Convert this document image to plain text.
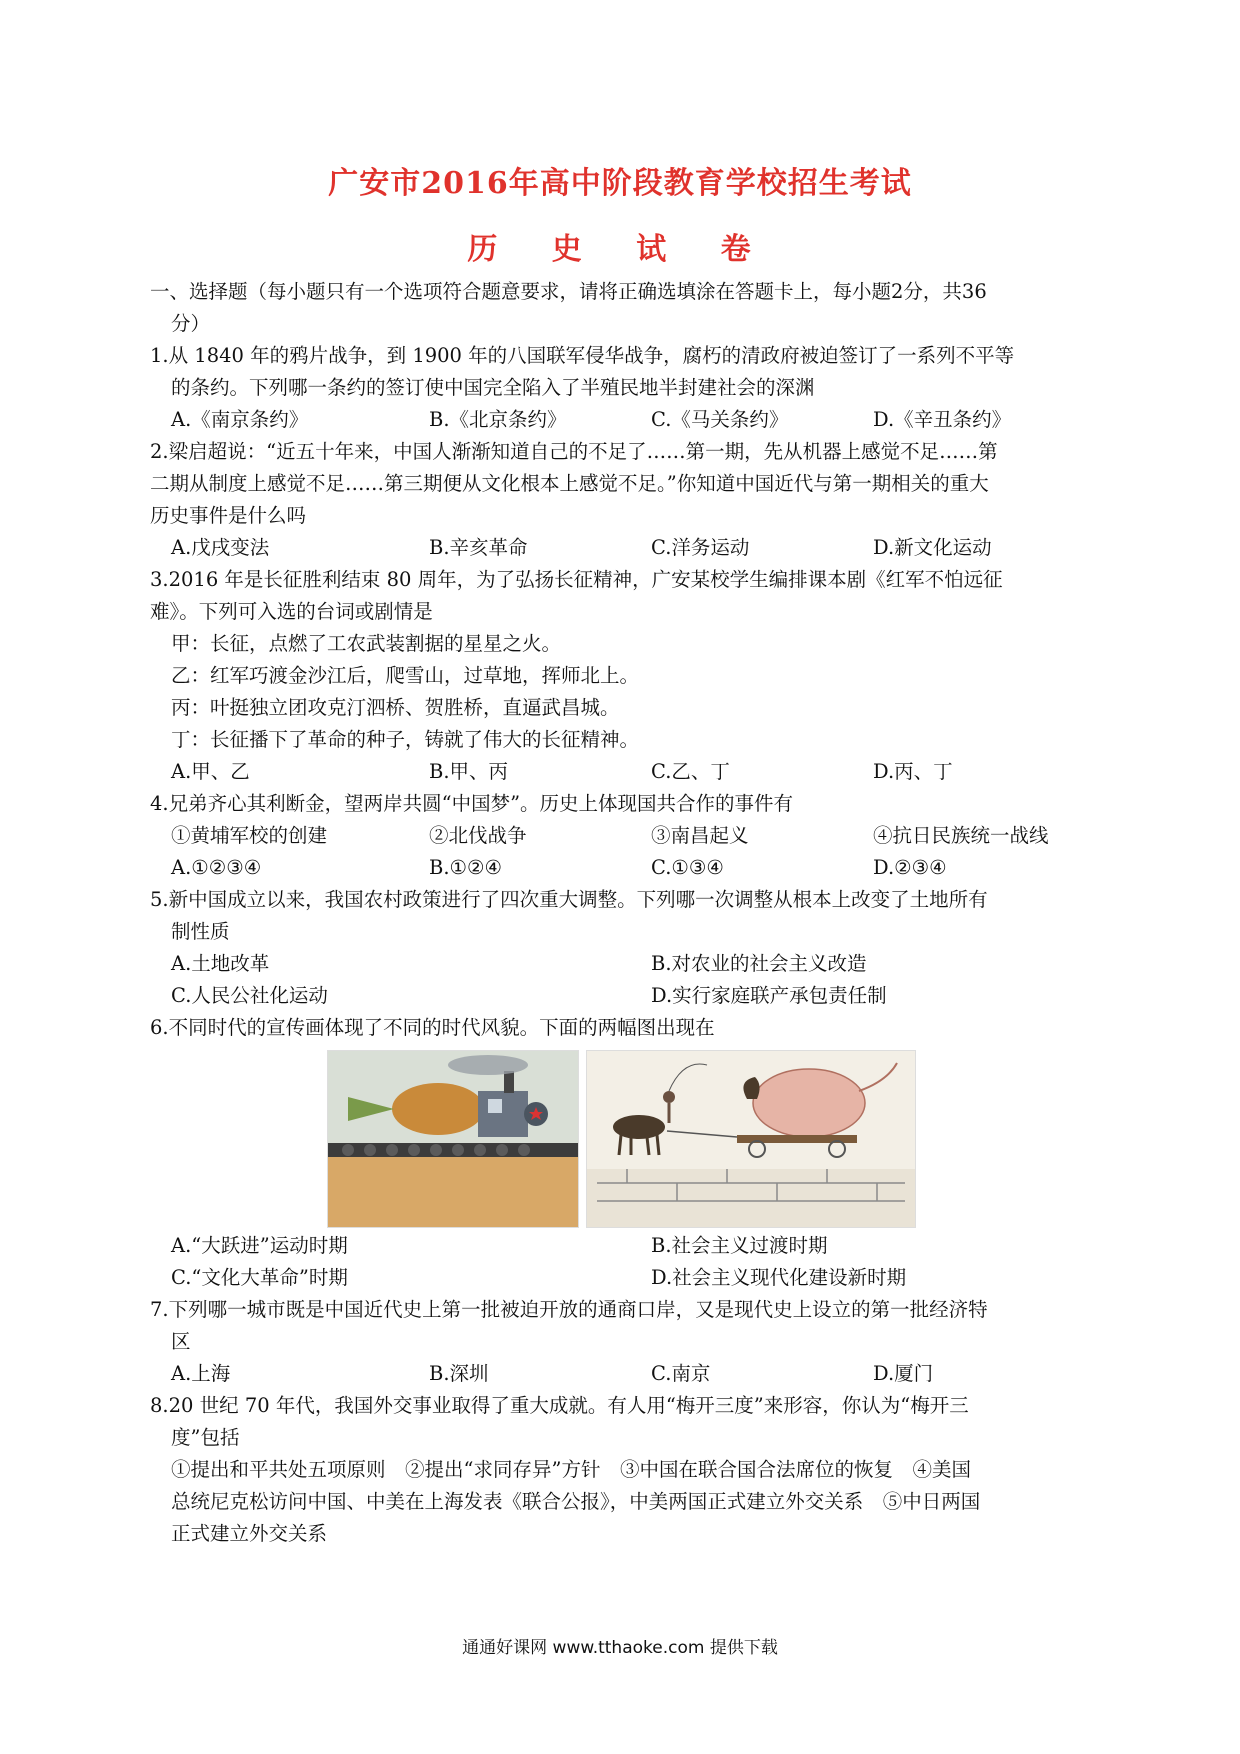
广安市2016年高中阶段教育学校招生考试
历 史 试 卷
一、选择题（每小题只有一个选项符合题意要求，请将正确选填涂在答题卡上，每小题2分，共36
分）
1.从 1840 年的鸦片战争，到 1900 年的八国联军侵华战争，腐朽的清政府被迫签订了一系列不平等
的条约。下列哪一条约的签订使中国完全陷入了半殖民地半封建社会的深渊
A.《南京条约》	B.《北京条约》	C.《马关条约》	D.《辛丑条约》
2.梁启超说：“近五十年来，中国人渐渐知道自己的不足了……第一期，先从机器上感觉不足……第
二期从制度上感觉不足……第三期便从文化根本上感觉不足。”你知道中国近代与第一期相关的重大
历史事件是什么吗
A.戊戌变法	B.辛亥革命	C.洋务运动	D.新文化运动
3.2016 年是长征胜利结束 80 周年，为了弘扬长征精神，广安某校学生编排课本剧《红军不怕远征
难》。下列可入选的台词或剧情是
甲：长征，点燃了工农武装割据的星星之火。
乙：红军巧渡金沙江后，爬雪山，过草地，挥师北上。
丙：叶挺独立团攻克汀泗桥、贺胜桥，直逼武昌城。
丁：长征播下了革命的种子，铸就了伟大的长征精神。
A.甲、乙	B.甲、丙	C.乙、丁	D.丙、丁
4.兄弟齐心其利断金，望两岸共圆“中国梦”。历史上体现国共合作的事件有
①黄埔军校的创建	②北伐战争	③南昌起义	④抗日民族统一战线
A.①②③④	B.①②④	C.①③④	D.②③④
5.新中国成立以来，我国农村政策进行了四次重大调整。下列哪一次调整从根本上改变了土地所有
制性质
A.土地改革	B.对农业的社会主义改造
C.人民公社化运动	D.实行家庭联产承包责任制
6.不同时代的宣传画体现了不同的时代风貌。下面的两幅图出现在
A.“大跃进”运动时期	B.社会主义过渡时期
C.“文化大革命”时期	D.社会主义现代化建设新时期
7.下列哪一城市既是中国近代史上第一批被迫开放的通商口岸，又是现代史上设立的第一批经济特
区
A.上海	B.深圳	C.南京	D.厦门
8.20 世纪 70 年代，我国外交事业取得了重大成就。有人用“梅开三度”来形容，你认为“梅开三
度”包括
①提出和平共处五项原则　②提出“求同存异”方针　③中国在联合国合法席位的恢复　④美国
总统尼克松访问中国、中美在上海发表《联合公报》，中美两国正式建立外交关系　⑤中日两国
正式建立外交关系
通通好课网 www.tthaoke.com 提供下载
